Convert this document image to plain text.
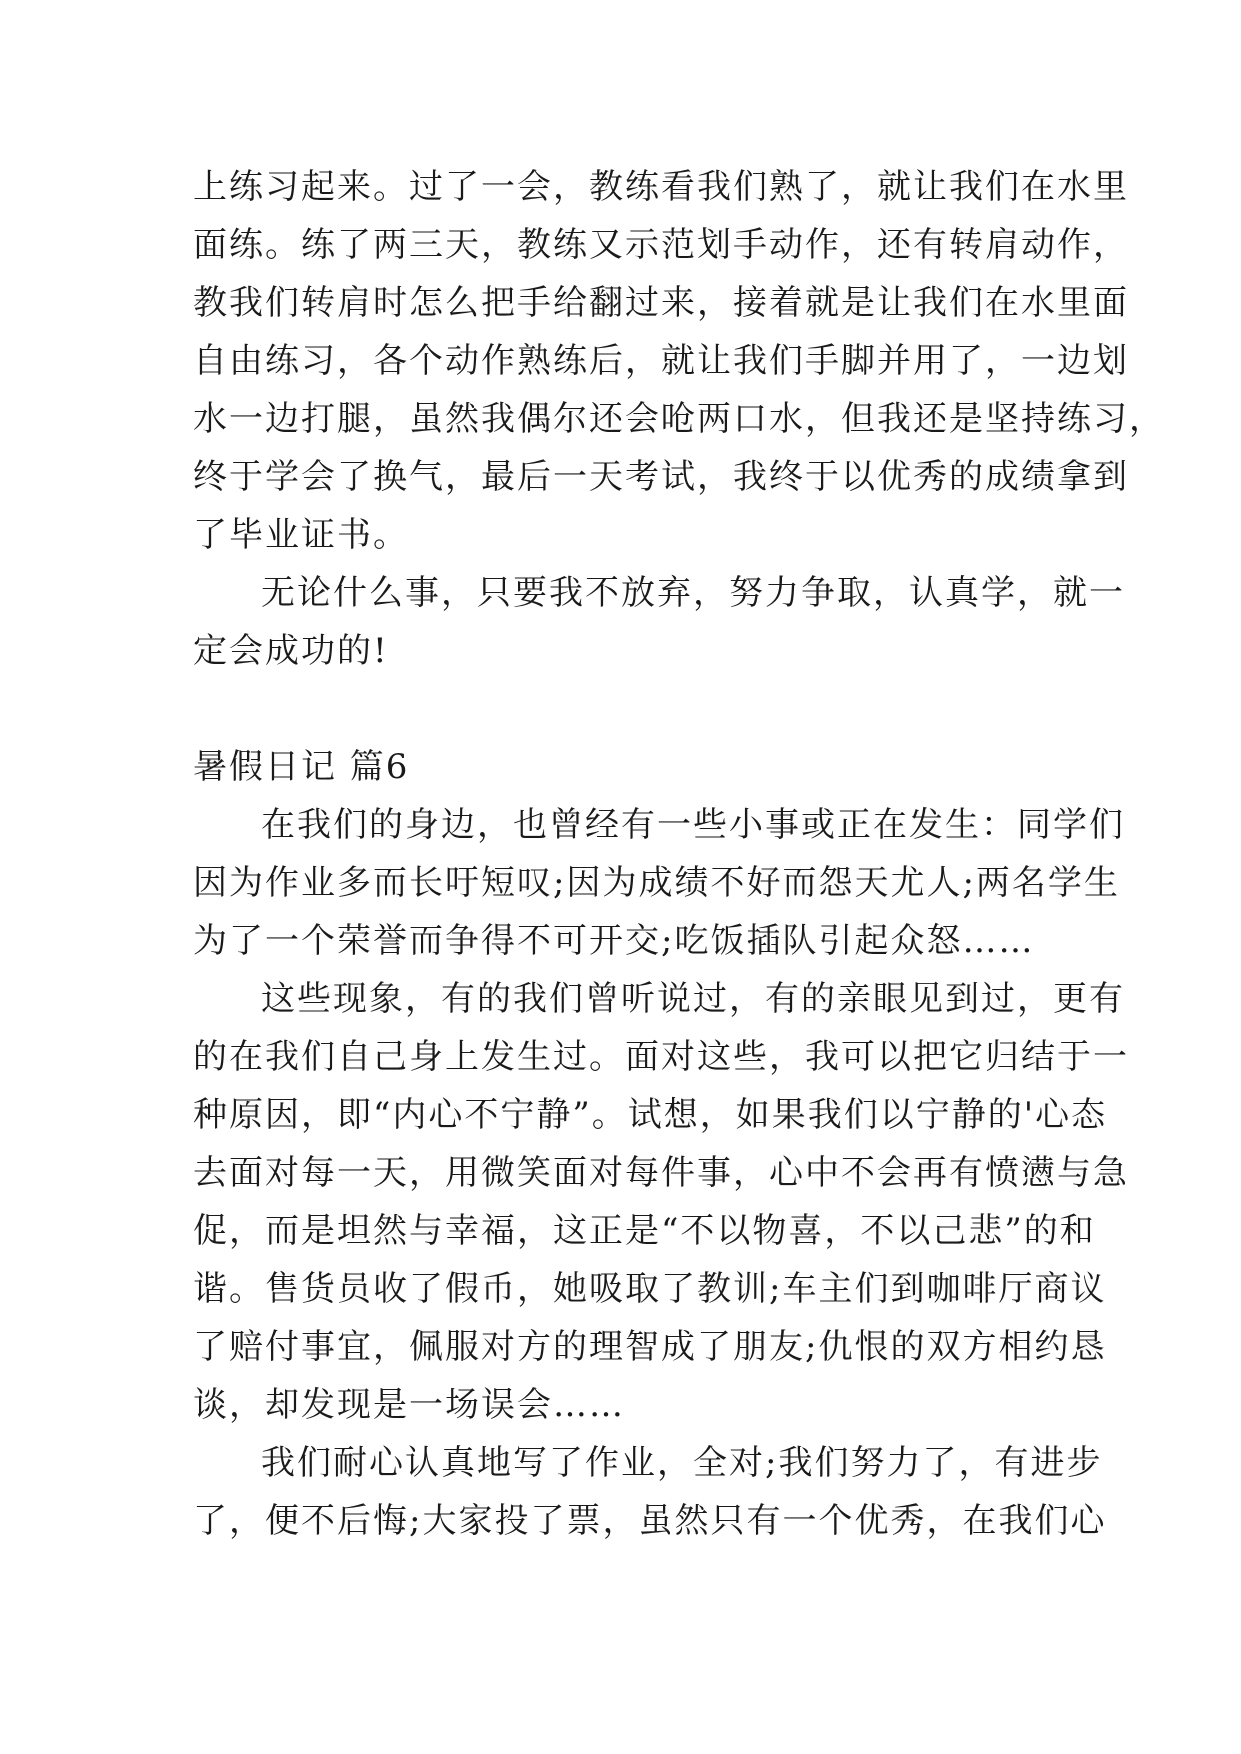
上练习起来。过了一会，教练看我们熟了，就让我们在水里
面练。练了两三天，教练又示范划手动作，还有转肩动作，
教我们转肩时怎么把手给翻过来，接着就是让我们在水里面
自由练习，各个动作熟练后，就让我们手脚并用了，一边划
水一边打腿，虽然我偶尔还会呛两口水，但我还是坚持练习，
终于学会了换气，最后一天考试，我终于以优秀的成绩拿到
了毕业证书。
无论什么事，只要我不放弃，努力争取，认真学，就一
定会成功的!
暑假日记 篇6
在我们的身边，也曾经有一些小事或正在发生：同学们
因为作业多而长吁短叹;因为成绩不好而怨天尤人;两名学生
为了一个荣誉而争得不可开交;吃饭插队引起众怒……
这些现象，有的我们曾听说过，有的亲眼见到过，更有
的在我们自己身上发生过。面对这些，我可以把它归结于一
种原因，即“内心不宁静”。试想，如果我们以宁静的'心态
去面对每一天，用微笑面对每件事，心中不会再有愤懑与急
促，而是坦然与幸福，这正是“不以物喜，不以己悲”的和
谐。售货员收了假币，她吸取了教训;车主们到咖啡厅商议
了赔付事宜，佩服对方的理智成了朋友;仇恨的双方相约恳
谈，却发现是一场误会……
我们耐心认真地写了作业，全对;我们努力了，有进步
了，便不后悔;大家投了票，虽然只有一个优秀，在我们心
